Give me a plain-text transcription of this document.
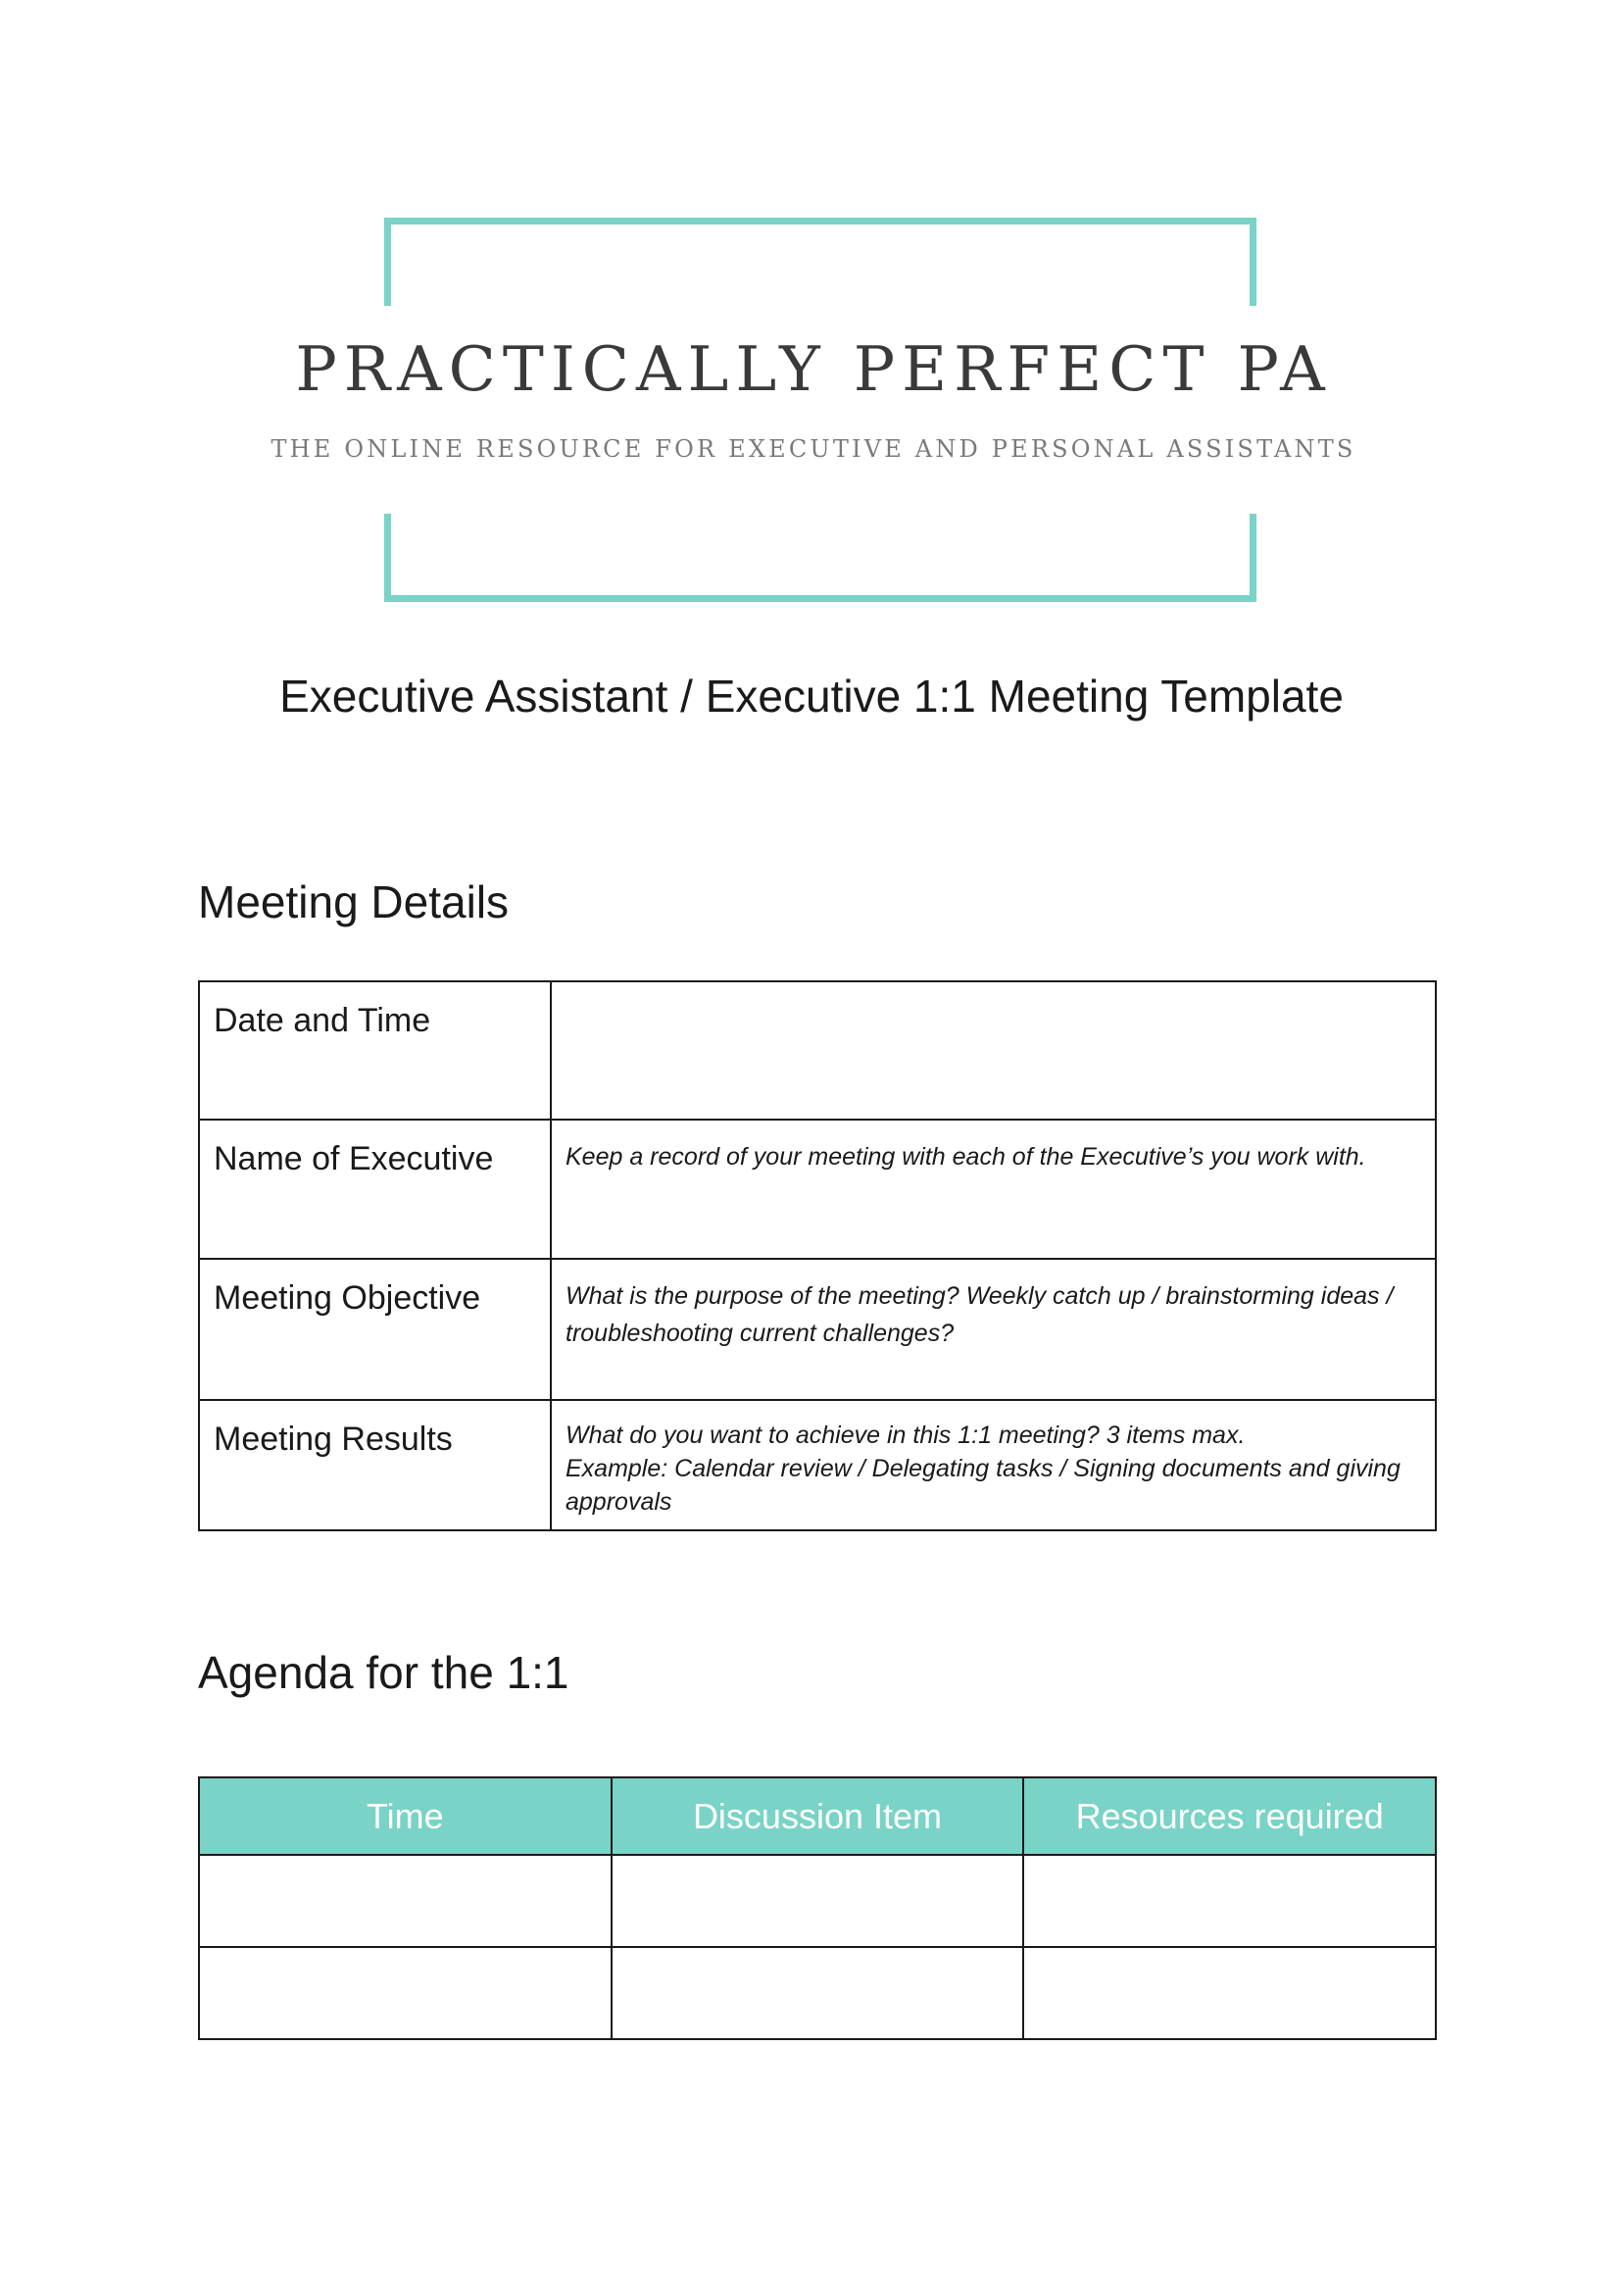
PRACTICALLY PERFECT PA
THE ONLINE RESOURCE FOR EXECUTIVE AND PERSONAL ASSISTANTS
Executive Assistant / Executive 1:1 Meeting Template
Meeting Details
Date and Time	
Name of Executive	Keep a record of your meeting with each of the Executive’s you work with.
Meeting Objective	What is the purpose of the meeting? Weekly catch up / brainstorming ideas / troubleshooting current challenges?
Meeting Results	What do you want to achieve in this 1:1 meeting? 3 items max.
Example: Calendar review / Delegating tasks / Signing documents and giving approvals
Agenda for the 1:1
Time	Discussion Item	Resources required
